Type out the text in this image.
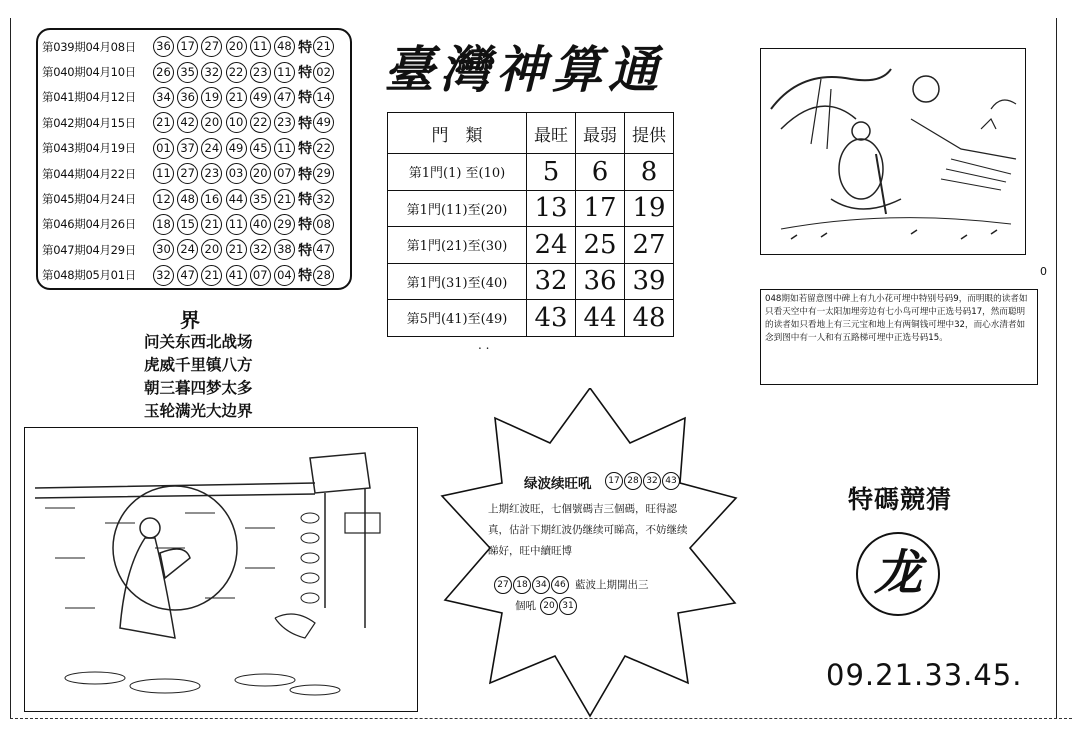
第039期04月08日	36 17 27 20 11 48 特 21
第040期04月10日	26 35 32 22 23 11 特 02
第041期04月12日	34 36 19 21 49 47 特 14
第042期04月15日	21 42 20 10 22 23 特 49
第043期04月19日	01 37 24 49 45 11 特 22
第044期04月22日	11 27 23 03 20 07 特 29
第045期04月24日	12 48 16 44 35 21 特 32
第046期04月26日	18 15 21 11 40 29 特 08
第047期04月29日	30 24 20 21 32 38 特 47
第048期05月01日	32 47 21 41 07 04 特 28
界
问关东西北战场
虎威千里镇八方
朝三暮四梦太多
玉轮满光大边界
臺灣神算通
門　類	最旺	最弱	提供
第1門(1) 至(10)	5	6	8
第1門(11)至(20)	13	17	19
第1門(21)至(30)	24	25	27
第1門(31)至(40)	32	36	39
第5門(41)至(49)	43	44	48
. .
048期如若留意图中碑上有九小花可埋中特别号码9，而明眼的读者如只看天空中有一太阳加埋旁边有七小鸟可埋中正选号码17，然而聪明的读者如只看地上有三元宝和地上有两铜钱可埋中32，而心水清者如念到图中有一人和有五路梯可埋中正选号码15。
0
绿波续旺吼	17 28 32 43
上期红波旺，七個號碼吉三個碼，旺得認真，估計下期红波仍继续可睇高，不妨继续睇好，旺中續旺博
27 18 34 46 藍波上期開出三
個吼 20 31
特碼競猜
龙
09.21.33.45.
